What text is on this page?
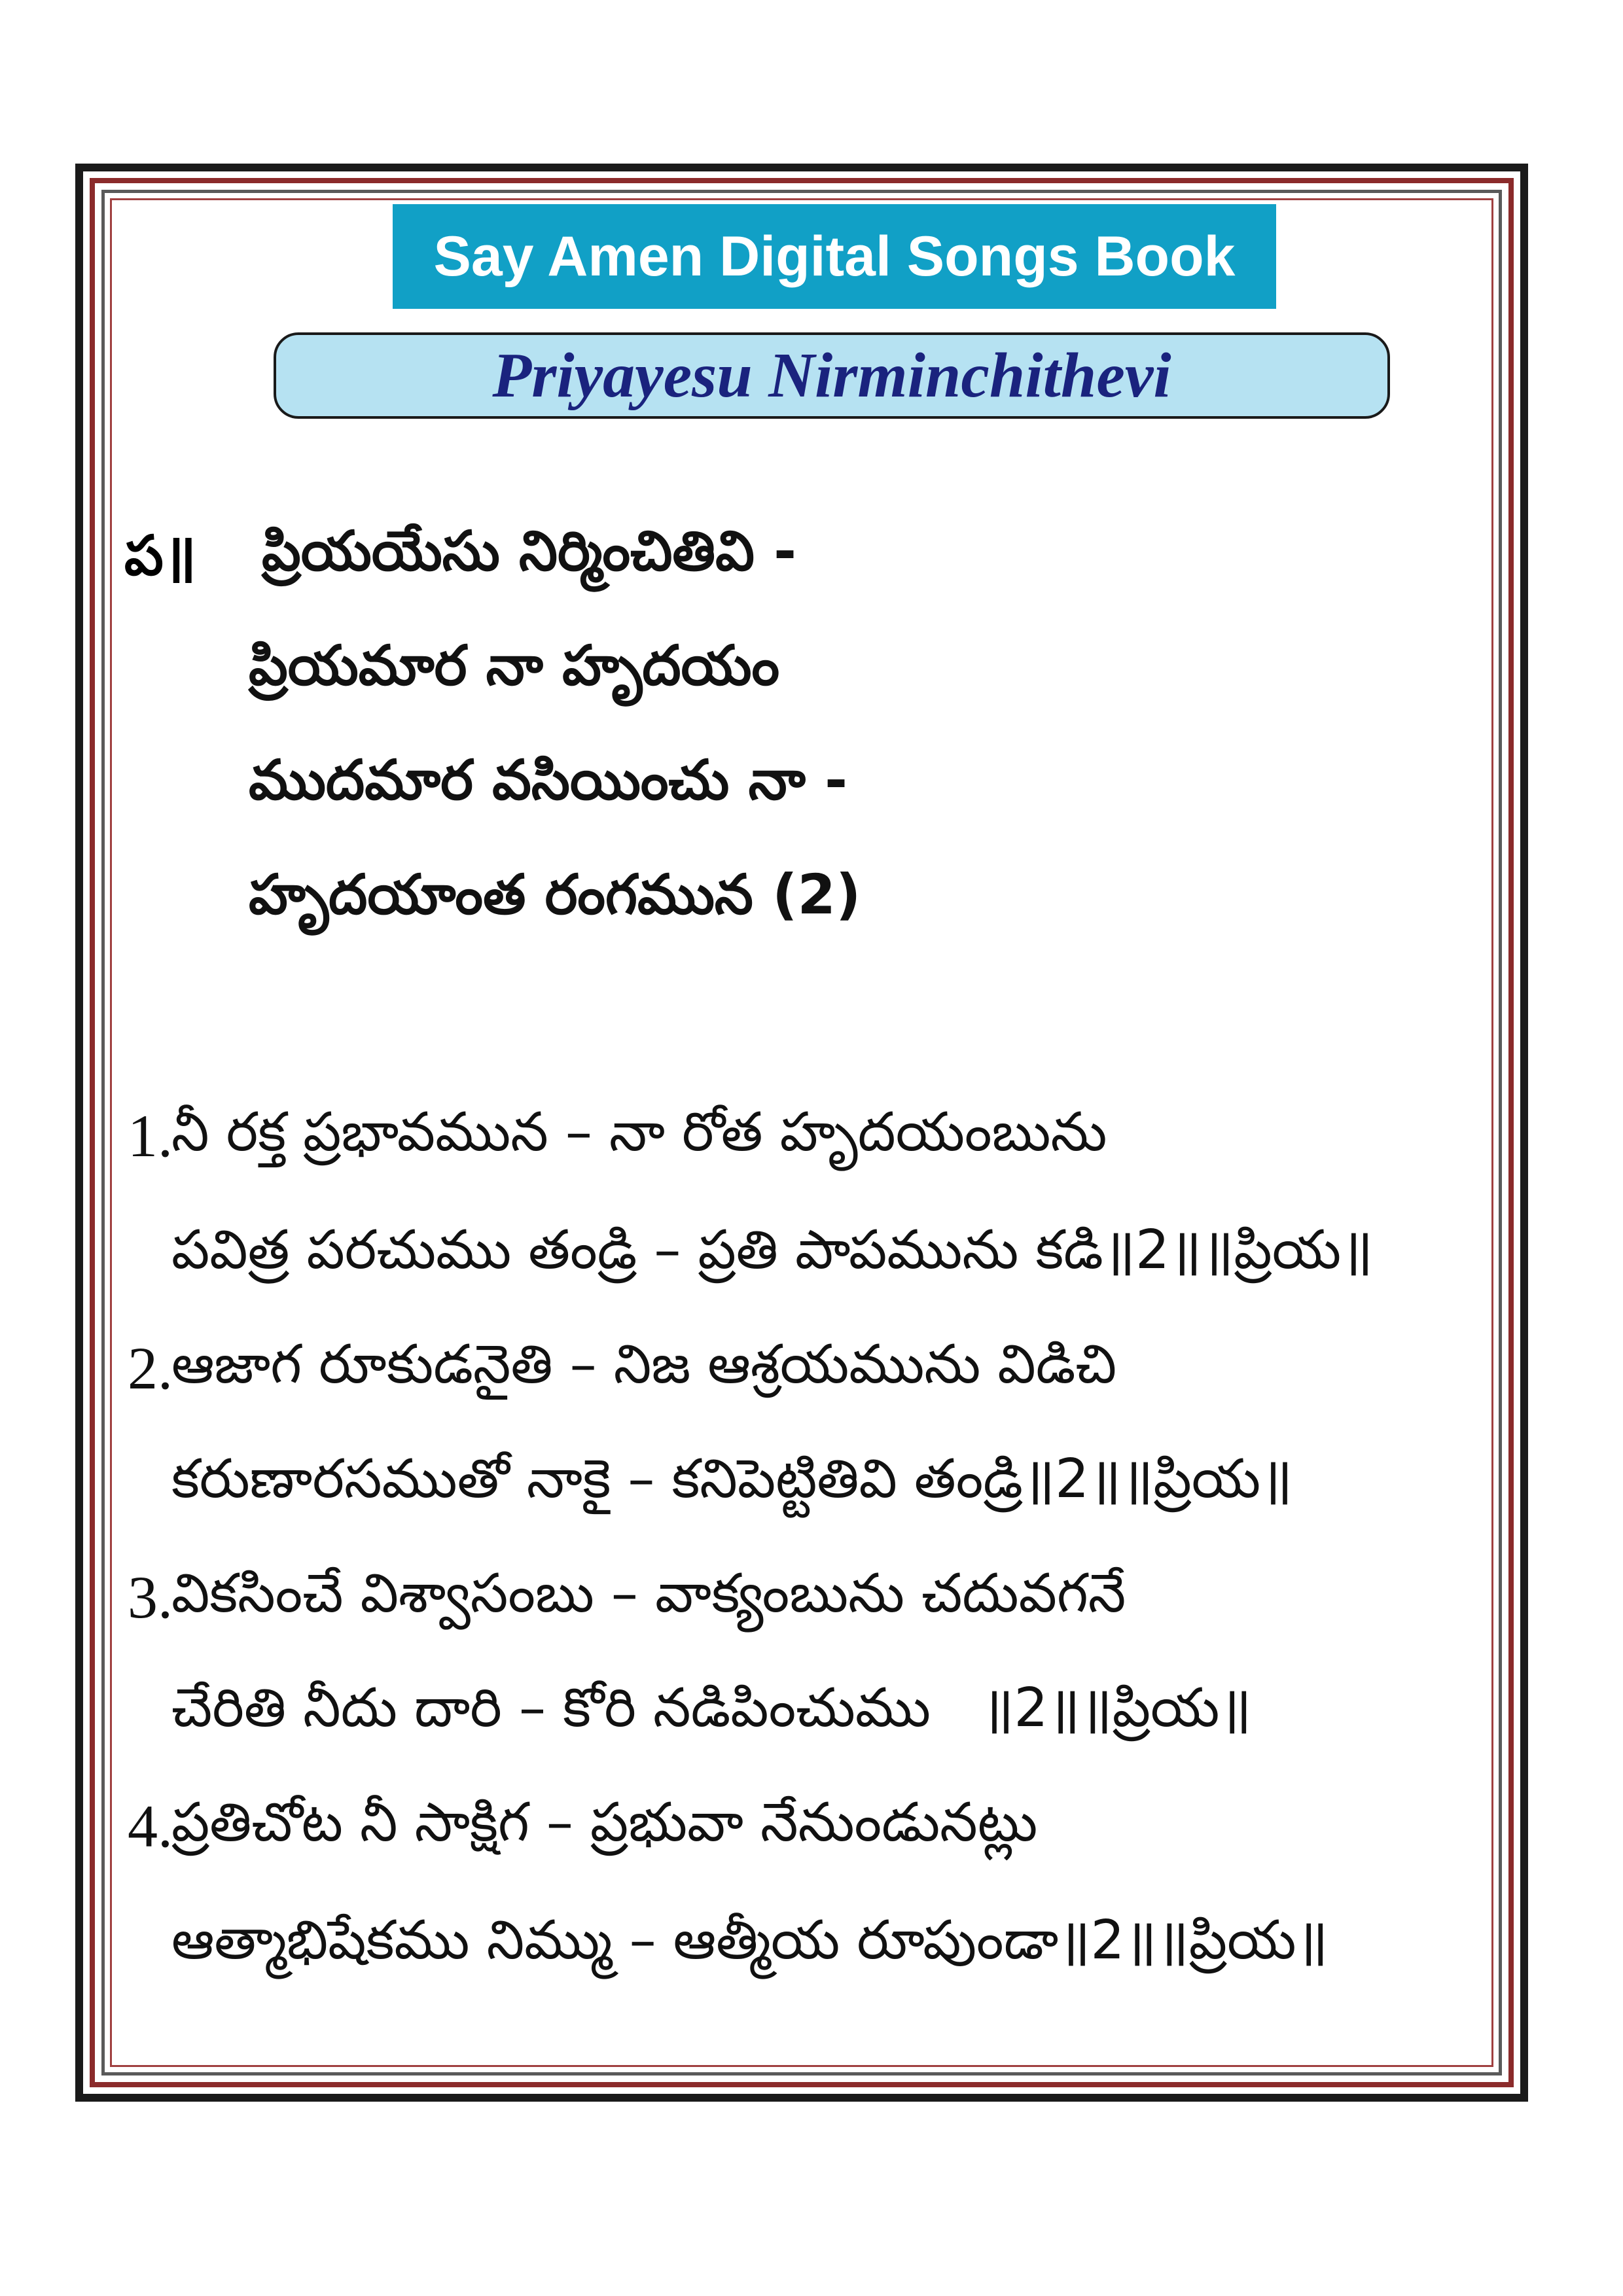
Say Amen Digital Songs Book
Priyayesu Nirminchithevi
ప॥ ప్రియయేసు నిర్మించితివి -
ప్రియమార నా హృదయం
ముదమార వసియించు నా -
హృదయాంత రంగమున (2)
1.
నీ రక్త ప్రభావమున – నా రోత హృదయంబును
పవిత్ర పరచుము తండ్రి – ప్రతి పాపమును కడి॥2॥॥ప్రియ॥
2.
ఆజాగ రూకుడనైతి – నిజ ఆశ్రయమును విడిచి
కరుణారసముతో నాకై – కనిపెట్టితివి తండ్రి॥2॥॥ప్రియ॥
3.
వికసించే విశ్వాసంబు – వాక్యంబును చదువగనే
చేరితి నీదు దారి – కోరి నడిపించుము   ॥2॥॥ప్రియ॥
4.
ప్రతిచోట నీ సాక్షిగ – ప్రభువా నేనుండునట్లు
ఆత్మాభిషేకము నిమ్ము – ఆత్మీయ రూపుండా॥2॥॥ప్రియ॥
